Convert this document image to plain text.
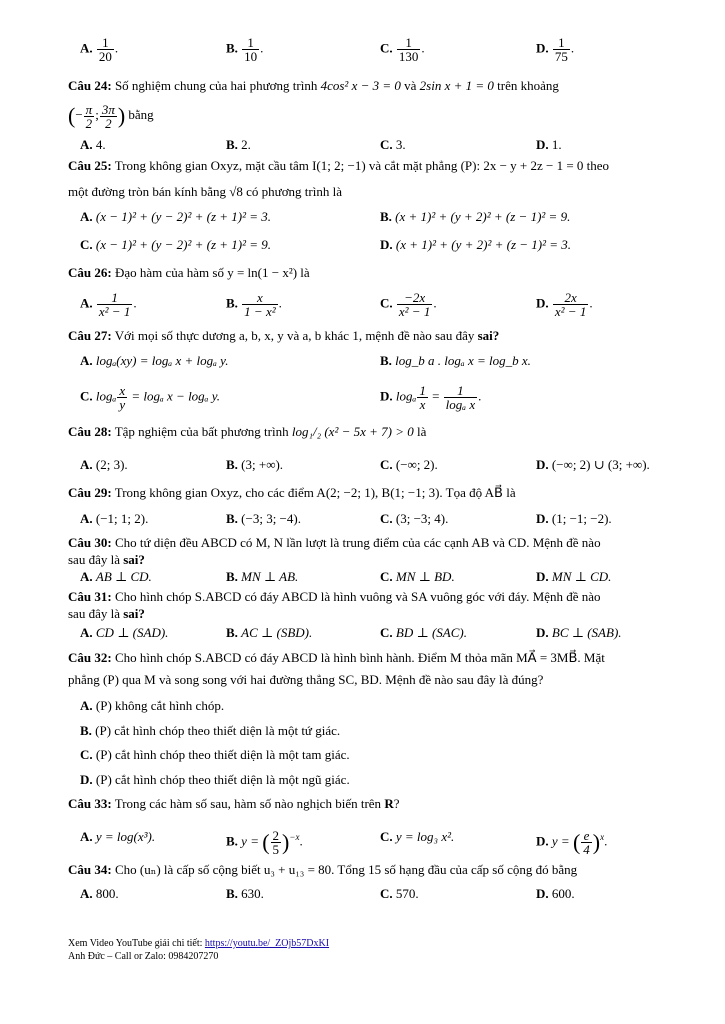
A. $\frac{1}{20}$ .	B. $\frac{1}{10}$ .	C. $\frac{1}{130}$ .	D. $\frac{1}{75}$ .
Câu 24: Số nghiệm chung của hai phương trình 4cos² x − 3 = 0 và 2sin x + 1 = 0 trên khoảng
(− $\frac{\pi}{2}$ ; $\frac{3\pi}{2}$ ) bằng
A. 4.	B. 2.	C. 3.	D. 1.
Câu 25: Trong không gian Oxyz, mặt cầu tâm I(1; 2; −1) và cắt mặt phẳng (P): 2x − y + 2z − 1 = 0 theo
một đường tròn bán kính bằng √8 có phương trình là
A. (x − 1)² + (y − 2)² + (z + 1)² = 3.	B. (x + 1)² + (y + 2)² + (z − 1)² = 9.
C. (x − 1)² + (y − 2)² + (z + 1)² = 9.	D. (x + 1)² + (y + 2)² + (z − 1)² = 3.
Câu 26: Đạo hàm của hàm số y = ln(1 − x²) là
A. $\frac{1}{\text{x² − 1}}$ .	B. $\frac{x}{\text{1 − x²}}$ .	C. $\frac{-2x}{\text{x² − 1}}$ .	D. $\frac{2x}{\text{x² − 1}}$ .
Câu 27: Với mọi số thực dương a, b, x, y và a, b khác 1, mệnh đề nào sau đây sai?
A. logₐ(xy) = logₐ x + logₐ y.	B. log_b a . logₐ x = log_b x.
C. logₐ $\frac{x}{y} = \log_a$ x − logₐ y.	D. logₐ $\frac{1}{x} = \frac{1}{\text{logₐ x}}$ .
Câu 28: Tập nghiệm của bất phương trình log₁/₂ (x² − 5x + 7) > 0 là
A. (2; 3).	B. (3; +∞).	C. (−∞; 2).	D. (−∞; 2) ∪ (3; +∞).
Câu 29: Trong không gian Oxyz, cho các điểm A(2; −2; 1), B(1; −1; 3). Tọa độ AB⃗ là
A. (−1; 1; 2).	B. (−3; 3; −4).	C. (3; −3; 4).	D. (1; −1; −2).
Câu 30: Cho tứ diện đều ABCD có M, N lần lượt là trung điểm của các cạnh AB và CD. Mệnh đề nào
sau đây là sai?
A. AB ⊥ CD.	B. MN ⊥ AB.	C. MN ⊥ BD.	D. MN ⊥ CD.
Câu 31: Cho hình chóp S.ABCD có đáy ABCD là hình vuông và SA vuông góc với đáy. Mệnh đề nào
sau đây là sai?
A. CD ⊥ (SAD).	B. AC ⊥ (SBD).	C. BD ⊥ (SAC).	D. BC ⊥ (SAB).
Câu 32: Cho hình chóp S.ABCD có đáy ABCD là hình bình hành. Điểm M thỏa mãn MA⃗ = 3MB⃗. Mặt
phẳng (P) qua M và song song với hai đường thẳng SC, BD. Mệnh đề nào sau đây là đúng?
A. (P) không cắt hình chóp.
B. (P) cắt hình chóp theo thiết diện là một tứ giác.
C. (P) cắt hình chóp theo thiết diện là một tam giác.
D. (P) cắt hình chóp theo thiết diện là một ngũ giác.
Câu 33: Trong các hàm số sau, hàm số nào nghịch biến trên R?
A. y = log(x³).	B. y = ( $\frac{2}{5} )^{-x}$.	C. y = log₃ x².	D. y = ( $\frac{e}{4} )^x$.
Câu 34: Cho (uₙ) là cấp số cộng biết u₃ + u₁₃ = 80. Tổng 15 số hạng đầu của cấp số cộng đó bằng
A. 800.	B. 630.	C. 570.	D. 600.
Xem Video YouTube giải chi tiết: https://youtu.be/_ZOjb57DxKI
Anh Đức – Call or Zalo: 0984207270
